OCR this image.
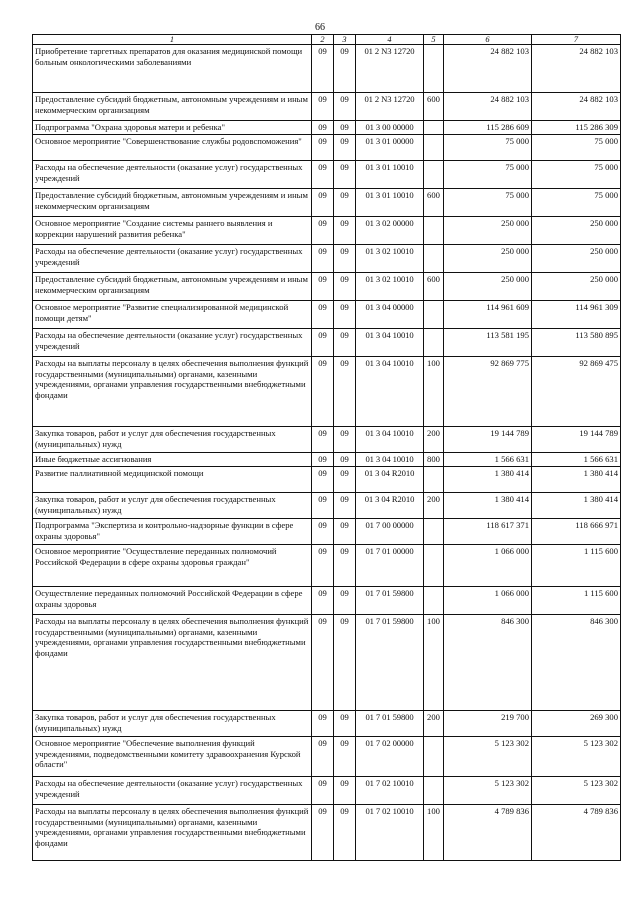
66
1	2	3	4	5	6	7
Приобретение таргетных препаратов для оказания медицинской помощи больным онкологическими заболеваниями	09	09	01 2 N3 12720		24 882 103	24 882 103
Предоставление субсидий бюджетным, автономным учреждениям и иным некоммерческим организациям	09	09	01 2 N3 12720	600	24 882 103	24 882 103
Подпрограмма "Охрана здоровья матери и ребенка"	09	09	01 3 00 00000		115 286 609	115 286 309
Основное мероприятие "Совершенствование службы родовспоможения"	09	09	01 3 01 00000		75 000	75 000
Расходы на обеспечение деятельности (оказание услуг) государственных учреждений	09	09	01 3 01 10010		75 000	75 000
Предоставление субсидий бюджетным, автономным учреждениям и иным некоммерческим организациям	09	09	01 3 01 10010	600	75 000	75 000
Основное мероприятие "Создание системы раннего выявления и коррекции нарушений развития ребенка"	09	09	01 3 02 00000		250 000	250 000
Расходы на обеспечение деятельности (оказание услуг) государственных учреждений	09	09	01 3 02 10010		250 000	250 000
Предоставление субсидий бюджетным, автономным учреждениям и иным некоммерческим организациям	09	09	01 3 02 10010	600	250 000	250 000
Основное мероприятие "Развитие специализированной медицинской помощи детям"	09	09	01 3 04 00000		114 961 609	114 961 309
Расходы на обеспечение деятельности (оказание услуг) государственных учреждений	09	09	01 3 04 10010		113 581 195	113 580 895
Расходы на выплаты персоналу в целях обеспечения выполнения функций государственными (муниципальными) органами, казенными учреждениями, органами управления государственными внебюджетными фондами	09	09	01 3 04 10010	100	92 869 775	92 869 475
Закупка товаров, работ и услуг для обеспечения государственных (муниципальных) нужд	09	09	01 3 04 10010	200	19 144 789	19 144 789
Иные бюджетные ассигнования	09	09	01 3 04 10010	800	1 566 631	1 566 631
Развитие паллиативной медицинской помощи	09	09	01 3 04 R2010		1 380 414	1 380 414
Закупка товаров, работ и услуг для обеспечения государственных (муниципальных) нужд	09	09	01 3 04 R2010	200	1 380 414	1 380 414
Подпрограмма "Экспертиза и контрольно-надзорные функции в сфере охраны здоровья"	09	09	01 7 00 00000		118 617 371	118 666 971
Основное мероприятие "Осуществление переданных полномочий Российской Федерации в сфере охраны здоровья граждан"	09	09	01 7 01 00000		1 066 000	1 115 600
Осуществление переданных полномочий Российской Федерации в сфере охраны здоровья	09	09	01 7 01 59800		1 066 000	1 115 600
Расходы на выплаты персоналу в целях обеспечения выполнения функций государственными (муниципальными) органами, казенными учреждениями, органами управления государственными внебюджетными фондами	09	09	01 7 01 59800	100	846 300	846 300
Закупка товаров, работ и услуг для обеспечения государственных (муниципальных) нужд	09	09	01 7 01 59800	200	219 700	269 300
Основное мероприятие "Обеспечение выполнения функций учреждениями, подведомственными комитету здравоохранения Курской области"	09	09	01 7 02 00000		5 123 302	5 123 302
Расходы на обеспечение деятельности (оказание услуг) государственных учреждений	09	09	01 7 02 10010		5 123 302	5 123 302
Расходы на выплаты персоналу в целях обеспечения выполнения функций государственными (муниципальными) органами, казенными учреждениями, органами управления государственными внебюджетными фондами	09	09	01 7 02 10010	100	4 789 836	4 789 836
